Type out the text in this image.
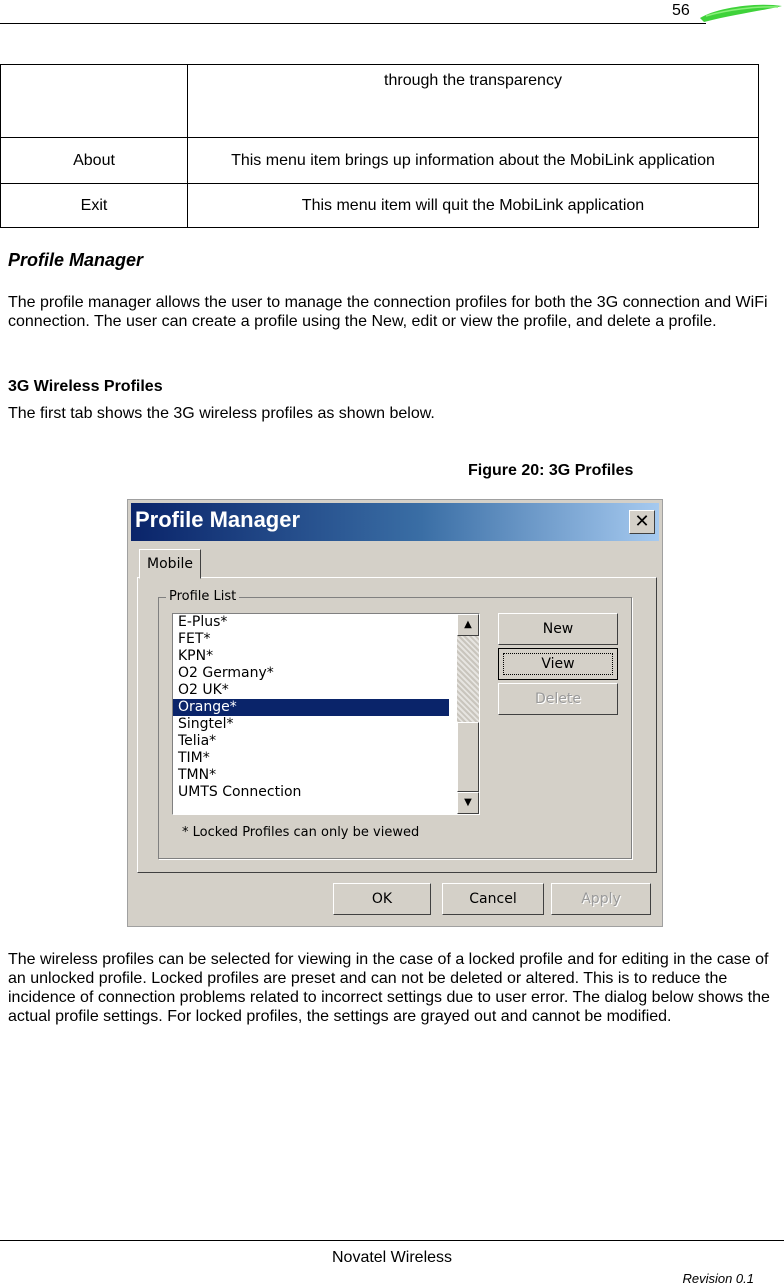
56
	through the transparency
About	This menu item brings up information about the MobiLink application
Exit	This menu item will quit the MobiLink application
Profile Manager
The profile manager allows the user to manage the connection profiles for both the 3G connection and WiFi connection. The user can create a profile using the New, edit or view the profile, and delete a profile.
3G Wireless Profiles
The first tab shows the 3G wireless profiles as shown below.
Figure 20: 3G Profiles
Profile Manager	✕
Mobile
Profile List
E-Plus*
FET*
KPN*
O2 Germany*
O2 UK*
Orange*
Singtel*
Telia*
TIM*
TMN*
UMTS Connection
▲
▼
New
View
Delete
* Locked Profiles can only be viewed
OK	Cancel	Apply
The wireless profiles can be selected for viewing in the case of a locked profile and for editing in the case of an unlocked profile. Locked profiles are preset and can not be deleted or altered. This is to reduce the incidence of connection problems related to incorrect settings due to user error. The dialog below shows the actual profile settings. For locked profiles, the settings are grayed out and cannot be modified.
Novatel Wireless
Revision 0.1
